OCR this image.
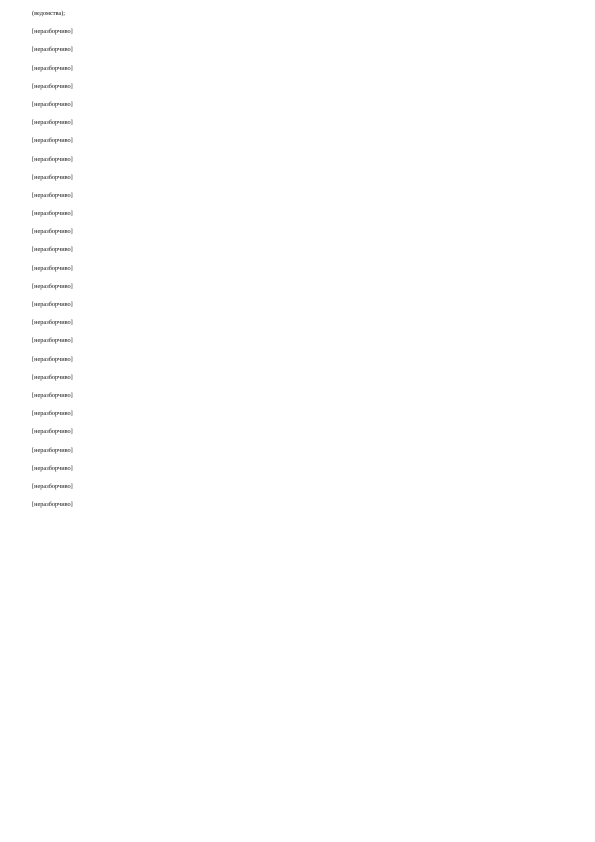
(ведомства);

[неразборчиво]

[неразборчиво]

[неразборчиво]

[неразборчиво]

[неразборчиво]

[неразборчиво]

[неразборчиво]

[неразборчиво]

[неразборчиво]

[неразборчиво]

[неразборчиво]

[неразборчиво]

[неразборчиво]

[неразборчиво]

[неразборчиво]

[неразборчиво]

[неразборчиво]

[неразборчиво]

[неразборчиво]

[неразборчиво]

[неразборчиво]

[неразборчиво]

[неразборчиво]

[неразборчиво]

[неразборчиво]

[неразборчиво]

[неразборчиво]
